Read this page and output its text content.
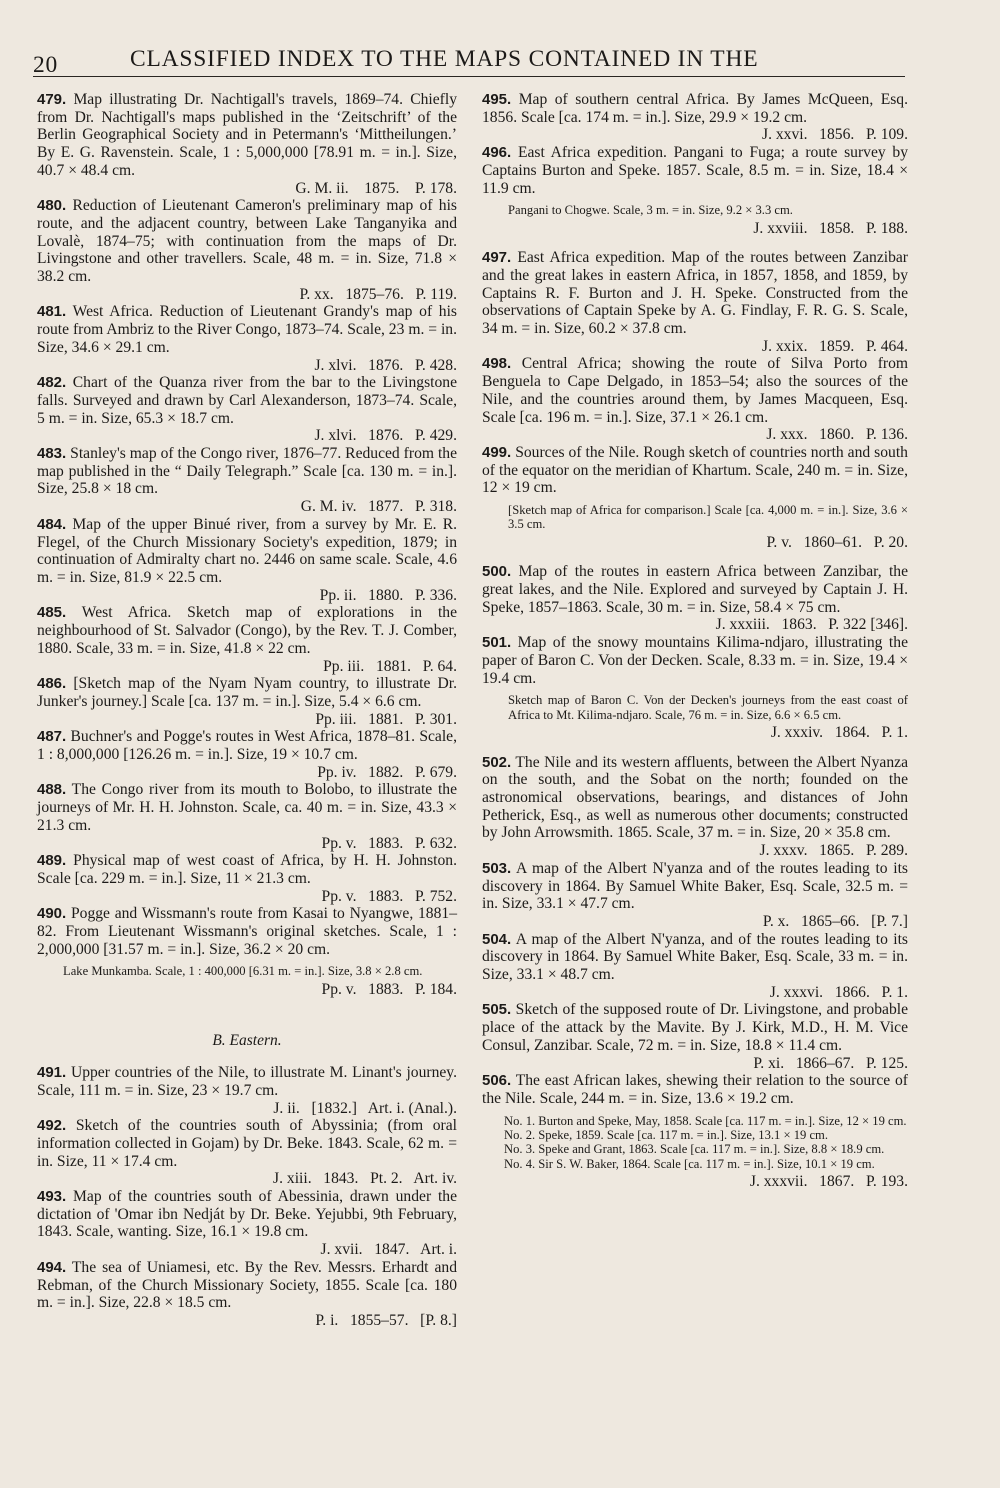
20	CLASSIFIED INDEX TO THE MAPS CONTAINED IN THE
479. Map illustrating Dr. Nachtigall's travels, 1869–74. Chiefly from Dr. Nachtigall's maps published in the ‘Zeitschrift’ of the Berlin Geographical Society and in Petermann's ‘Mittheilungen.’ By E. G. Ravenstein. Scale, 1 : 5,000,000 [78.91 m. = in.]. Size, 40.7 × 48.4 cm.
G. M. ii.    1875.    P. 178.
480. Reduction of Lieutenant Cameron's preliminary map of his route, and the adjacent country, between Lake Tanganyika and Lovalè, 1874–75; with continuation from the maps of Dr. Livingstone and other travellers. Scale, 48 m. = in. Size, 71.8 × 38.2 cm.
P. xx.   1875–76.   P. 119.
481. West Africa. Reduction of Lieutenant Grandy's map of his route from Ambriz to the River Congo, 1873–74. Scale, 23 m. = in. Size, 34.6 × 29.1 cm.
J. xlvi.   1876.   P. 428.
482. Chart of the Quanza river from the bar to the Livingstone falls. Surveyed and drawn by Carl Alexanderson, 1873–74. Scale, 5 m. = in. Size, 65.3 × 18.7 cm.
J. xlvi.   1876.   P. 429.
483. Stanley's map of the Congo river, 1876–77. Reduced from the map published in the “ Daily Telegraph.” Scale [ca. 130 m. = in.]. Size, 25.8 × 18 cm.
G. M. iv.   1877.   P. 318.
484. Map of the upper Binué river, from a survey by Mr. E. R. Flegel, of the Church Missionary Society's expedition, 1879; in continuation of Admiralty chart no. 2446 on same scale. Scale, 4.6 m. = in. Size, 81.9 × 22.5 cm.
Pp. ii.   1880.   P. 336.
485. West Africa. Sketch map of explorations in the neighbourhood of St. Salvador (Congo), by the Rev. T. J. Comber, 1880. Scale, 33 m. = in. Size, 41.8 × 22 cm.
Pp. iii.   1881.   P. 64.
486. [Sketch map of the Nyam Nyam country, to illustrate Dr. Junker's journey.] Scale [ca. 137 m. = in.]. Size, 5.4 × 6.6 cm.
Pp. iii.   1881.   P. 301.
487. Buchner's and Pogge's routes in West Africa, 1878–81. Scale, 1 : 8,000,000 [126.26 m. = in.]. Size, 19 × 10.7 cm.
Pp. iv.   1882.   P. 679.
488. The Congo river from its mouth to Bolobo, to illustrate the journeys of Mr. H. H. Johnston. Scale, ca. 40 m. = in. Size, 43.3 × 21.3 cm.
Pp. v.   1883.   P. 632.
489. Physical map of west coast of Africa, by H. H. Johnston. Scale [ca. 229 m. = in.]. Size, 11 × 21.3 cm.
Pp. v.   1883.   P. 752.
490. Pogge and Wissmann's route from Kasai to Nyangwe, 1881–82. From Lieutenant Wissmann's original sketches. Scale, 1 : 2,000,000 [31.57 m. = in.]. Size, 36.2 × 20 cm.
Lake Munkamba. Scale, 1 : 400,000 [6.31 m. = in.]. Size, 3.8 × 2.8 cm.
Pp. v.   1883.   P. 184.
B. Eastern.
491. Upper countries of the Nile, to illustrate M. Linant's journey. Scale, 111 m. = in. Size, 23 × 19.7 cm.
J. ii.   [1832.]   Art. i. (Anal.).
492. Sketch of the countries south of Abyssinia; (from oral information collected in Gojam) by Dr. Beke. 1843. Scale, 62 m. = in. Size, 11 × 17.4 cm.
J. xiii.   1843.   Pt. 2.   Art. iv.
493. Map of the countries south of Abessinia, drawn under the dictation of 'Omar ibn Nedját by Dr. Beke. Yejubbi, 9th February, 1843. Scale, wanting. Size, 16.1 × 19.8 cm.
J. xvii.   1847.   Art. i.
494. The sea of Uniamesi, etc. By the Rev. Messrs. Erhardt and Rebman, of the Church Missionary Society, 1855. Scale [ca. 180 m. = in.]. Size, 22.8 × 18.5 cm.
P. i.   1855–57.   [P. 8.]
495. Map of southern central Africa. By James McQueen, Esq. 1856. Scale [ca. 174 m. = in.]. Size, 29.9 × 19.2 cm.
J. xxvi.   1856.   P. 109.
496. East Africa expedition. Pangani to Fuga; a route survey by Captains Burton and Speke. 1857. Scale, 8.5 m. = in. Size, 18.4 × 11.9 cm.
Pangani to Chogwe. Scale, 3 m. = in. Size, 9.2 × 3.3 cm.
J. xxviii.   1858.   P. 188.
497. East Africa expedition. Map of the routes between Zanzibar and the great lakes in eastern Africa, in 1857, 1858, and 1859, by Captains R. F. Burton and J. H. Speke. Constructed from the observations of Captain Speke by A. G. Findlay, F. R. G. S. Scale, 34 m. = in. Size, 60.2 × 37.8 cm.
J. xxix.   1859.   P. 464.
498. Central Africa; showing the route of Silva Porto from Benguela to Cape Delgado, in 1853–54; also the sources of the Nile, and the countries around them, by James Macqueen, Esq. Scale [ca. 196 m. = in.]. Size, 37.1 × 26.1 cm.
J. xxx.   1860.   P. 136.
499. Sources of the Nile. Rough sketch of countries north and south of the equator on the meridian of Khartum. Scale, 240 m. = in. Size, 12 × 19 cm.
[Sketch map of Africa for comparison.] Scale [ca. 4,000 m. = in.]. Size, 3.6 × 3.5 cm.
P. v.   1860–61.   P. 20.
500. Map of the routes in eastern Africa between Zanzibar, the great lakes, and the Nile. Explored and surveyed by Captain J. H. Speke, 1857–1863. Scale, 30 m. = in. Size, 58.4 × 75 cm.
J. xxxiii.   1863.   P. 322 [346].
501. Map of the snowy mountains Kilima-ndjaro, illustrating the paper of Baron C. Von der Decken. Scale, 8.33 m. = in. Size, 19.4 × 19.4 cm.
Sketch map of Baron C. Von der Decken's journeys from the east coast of Africa to Mt. Kilima-ndjaro. Scale, 76 m. = in. Size, 6.6 × 6.5 cm.
J. xxxiv.   1864.   P. 1.
502. The Nile and its western affluents, between the Albert Nyanza on the south, and the Sobat on the north; founded on the astronomical observations, bearings, and distances of John Petherick, Esq., as well as numerous other documents; constructed by John Arrowsmith. 1865. Scale, 37 m. = in. Size, 20 × 35.8 cm.
J. xxxv.   1865.   P. 289.
503. A map of the Albert N'yanza and of the routes leading to its discovery in 1864. By Samuel White Baker, Esq. Scale, 32.5 m. = in. Size, 33.1 × 47.7 cm.
P. x.   1865–66.   [P. 7.]
504. A map of the Albert N'yanza, and of the routes leading to its discovery in 1864. By Samuel White Baker, Esq. Scale, 33 m. = in. Size, 33.1 × 48.7 cm.
J. xxxvi.   1866.   P. 1.
505. Sketch of the supposed route of Dr. Livingstone, and probable place of the attack by the Mavite. By J. Kirk, M.D., H. M. Vice Consul, Zanzibar. Scale, 72 m. = in. Size, 18.8 × 11.4 cm.
P. xi.   1866–67.   P. 125.
506. The east African lakes, shewing their relation to the source of the Nile. Scale, 244 m. = in. Size, 13.6 × 19.2 cm.
No. 1. Burton and Speke, May, 1858. Scale [ca. 117 m. = in.]. Size, 12 × 19 cm.
No. 2. Speke, 1859. Scale [ca. 117 m. = in.]. Size, 13.1 × 19 cm.
No. 3. Speke and Grant, 1863. Scale [ca. 117 m. = in.]. Size, 8.8 × 18.9 cm.
No. 4. Sir S. W. Baker, 1864. Scale [ca. 117 m. = in.]. Size, 10.1 × 19 cm.
J. xxxvii.   1867.   P. 193.
